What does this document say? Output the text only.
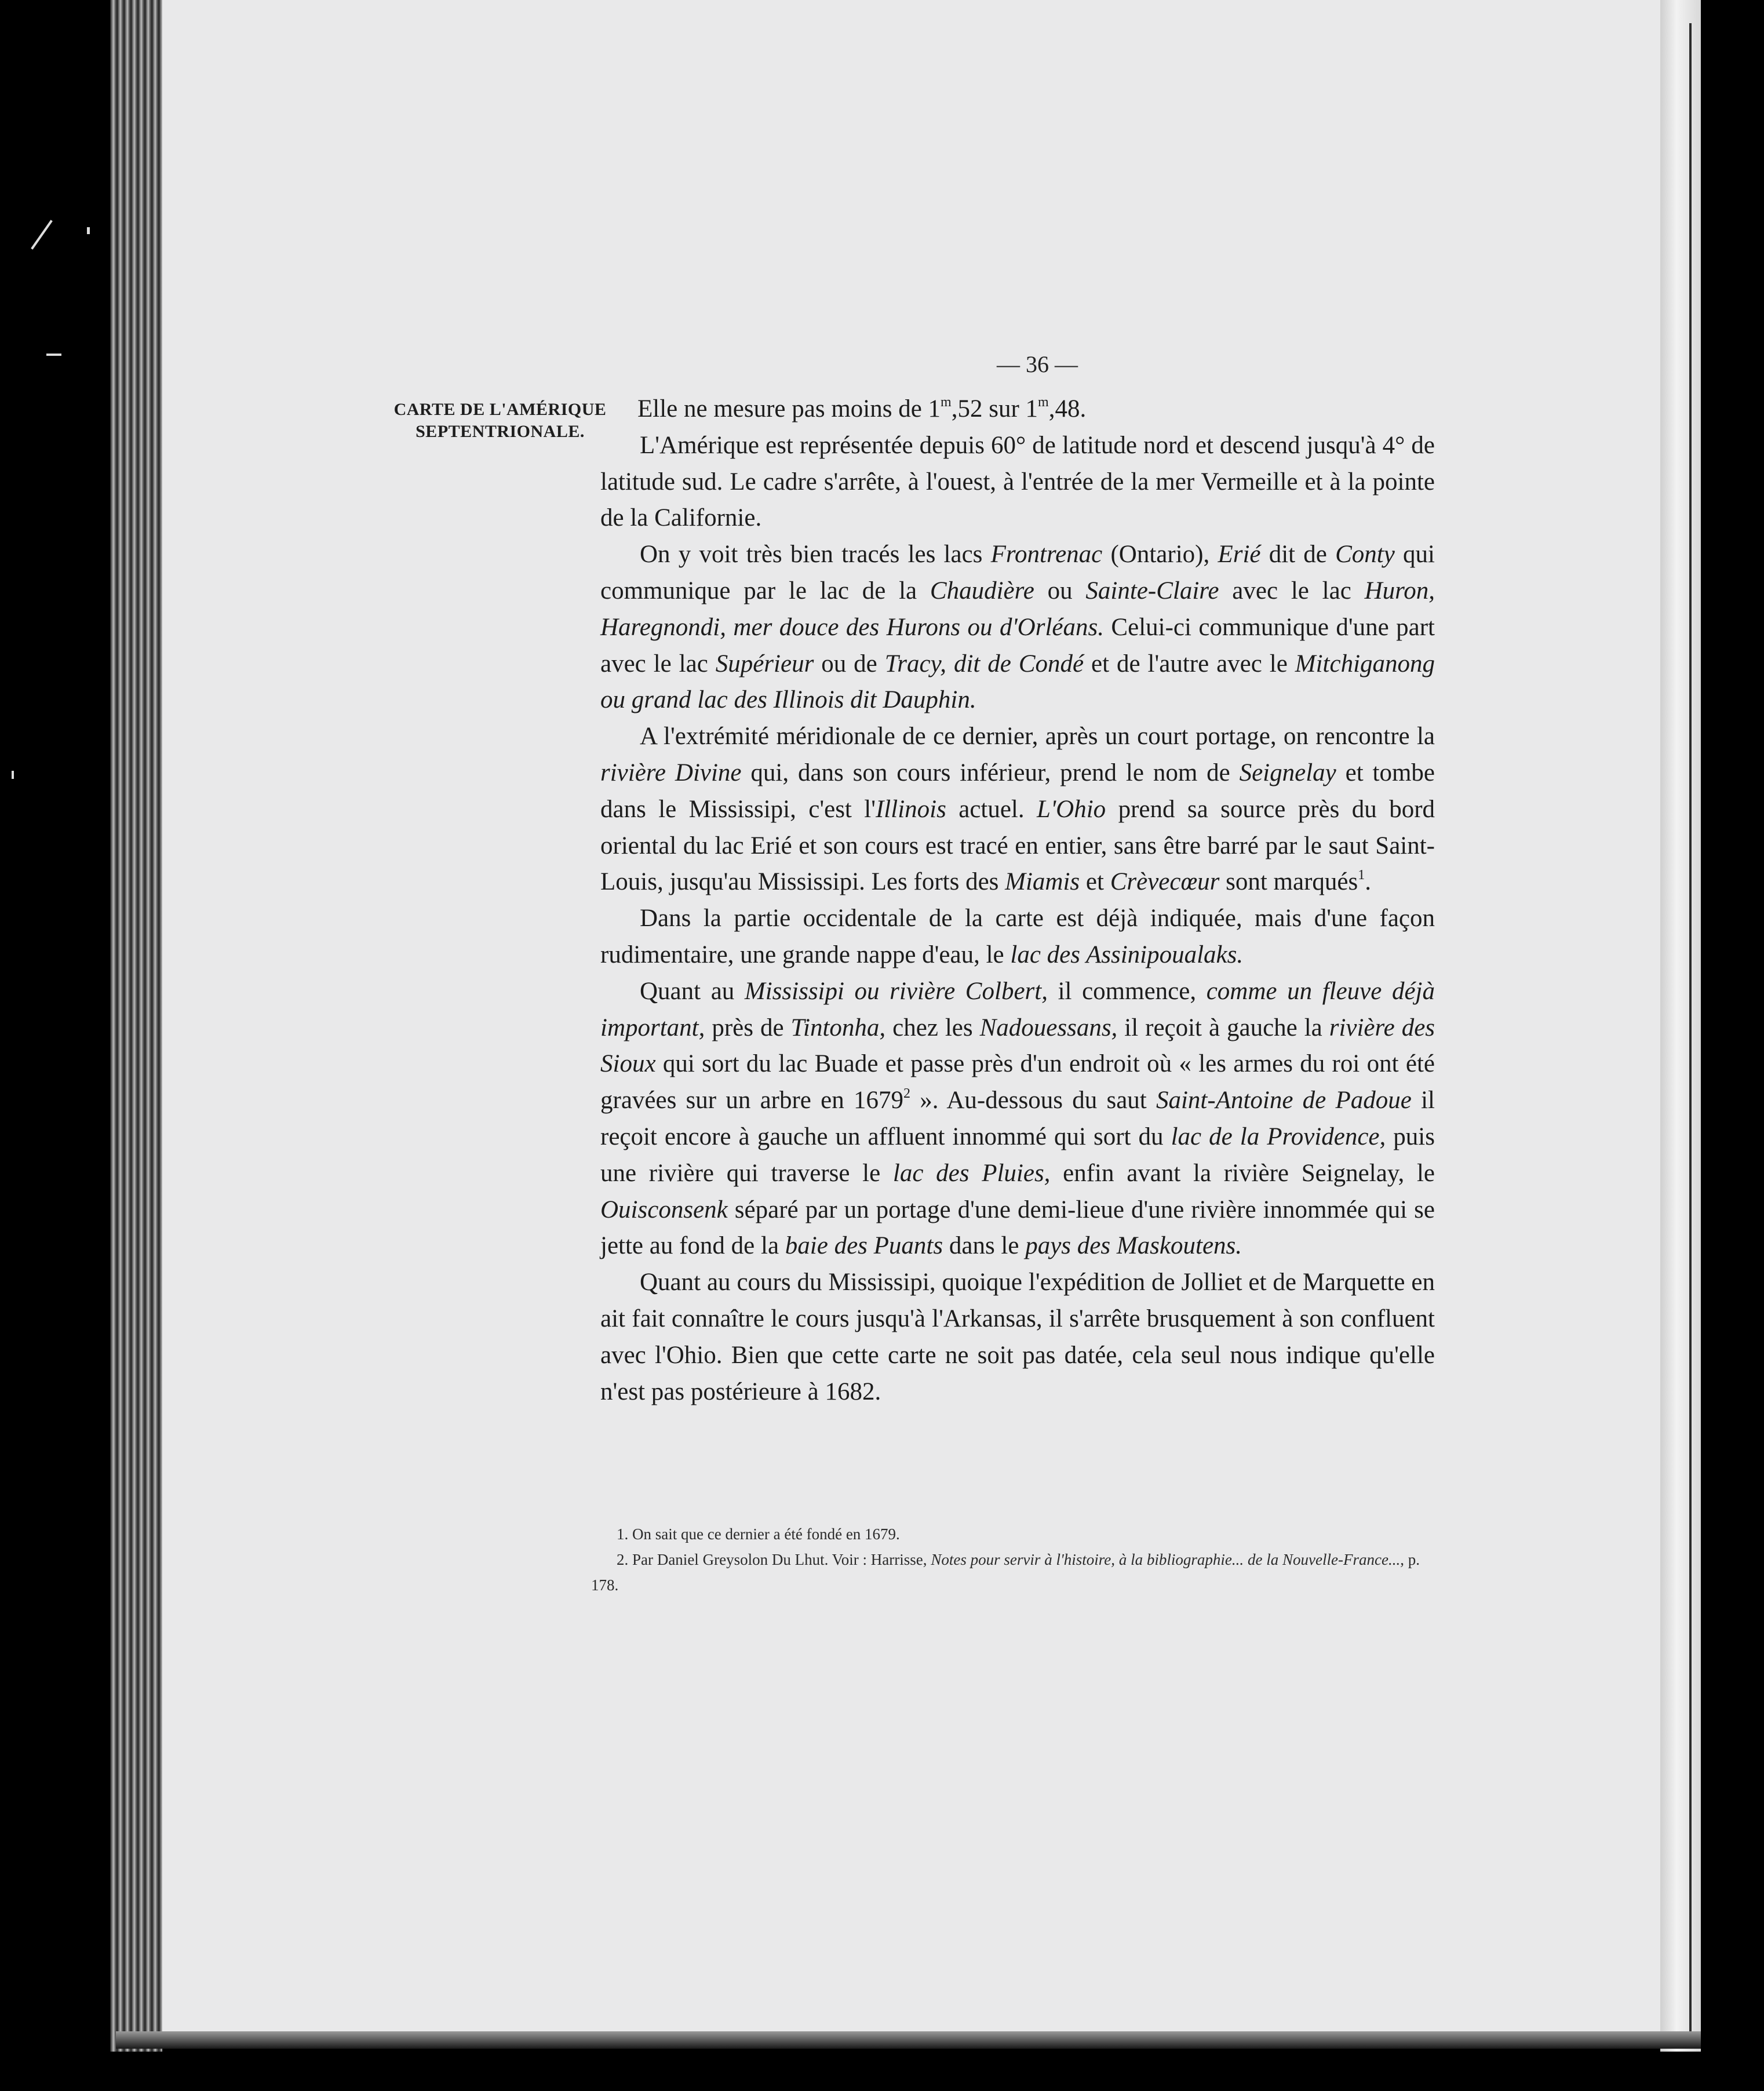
— 36 —
CARTE DE L'AMÉRIQUE
SEPTENTRIONALE.

Elle ne mesure pas moins de 1$^m$,52 sur 1$^m$,48.

L'Amérique est représentée depuis 60° de latitude nord et descend jusqu'à 4° de latitude sud. Le cadre s'arrête, à l'ouest, à l'entrée de la mer Vermeille et à la pointe de la Californie.

On y voit très bien tracés les lacs Frontrenac (Ontario), Erié dit de Conty qui communique par le lac de la Chaudière ou Sainte-Claire avec le lac Huron, Haregnondi, mer douce des Hurons ou d'Orléans. Celui-ci communique d'une part avec le lac Supérieur ou de Tracy, dit de Condé et de l'autre avec le Mitchiganong ou grand lac des Illinois dit Dauphin.

A l'extrémité méridionale de ce dernier, après un court portage, on rencontre la rivière Divine qui, dans son cours inférieur, prend le nom de Seignelay et tombe dans le Mississipi, c'est l'Illinois actuel. L'Ohio prend sa source près du bord oriental du lac Erié et son cours est tracé en entier, sans être barré par le saut Saint-Louis, jusqu'au Mississipi. Les forts des Miamis et Crèvecœur sont marqués$^1$.

Dans la partie occidentale de la carte est déjà indiquée, mais d'une façon rudimentaire, une grande nappe d'eau, le lac des Assinipoualaks.

Quant au Mississipi ou rivière Colbert, il commence, comme un fleuve déjà important, près de Tintonha, chez les Nadouessans, il reçoit à gauche la rivière des Sioux qui sort du lac Buade et passe près d'un endroit où « les armes du roi ont été gravées sur un arbre en 1679$^2$ ». Au-dessous du saut Saint-Antoine de Padoue il reçoit encore à gauche un affluent innommé qui sort du lac de la Providence, puis une rivière qui traverse le lac des Pluies, enfin avant la rivière Seignelay, le Ouisconsenk séparé par un portage d'une demi-lieue d'une rivière innommée qui se jette au fond de la baie des Puants dans le pays des Maskoutens.

Quant au cours du Mississipi, quoique l'expédition de Jolliet et de Marquette en ait fait connaître le cours jusqu'à l'Arkansas, il s'arrête brusquement à son confluent avec l'Ohio. Bien que cette carte ne soit pas datée, cela seul nous indique qu'elle n'est pas postérieure à 1682.

1. On sait que ce dernier a été fondé en 1679.

2. Par Daniel Greysolon Du Lhut. Voir : Harrisse, Notes pour servir à l'histoire, à la bibliographie... de la Nouvelle-France..., p. 178.
